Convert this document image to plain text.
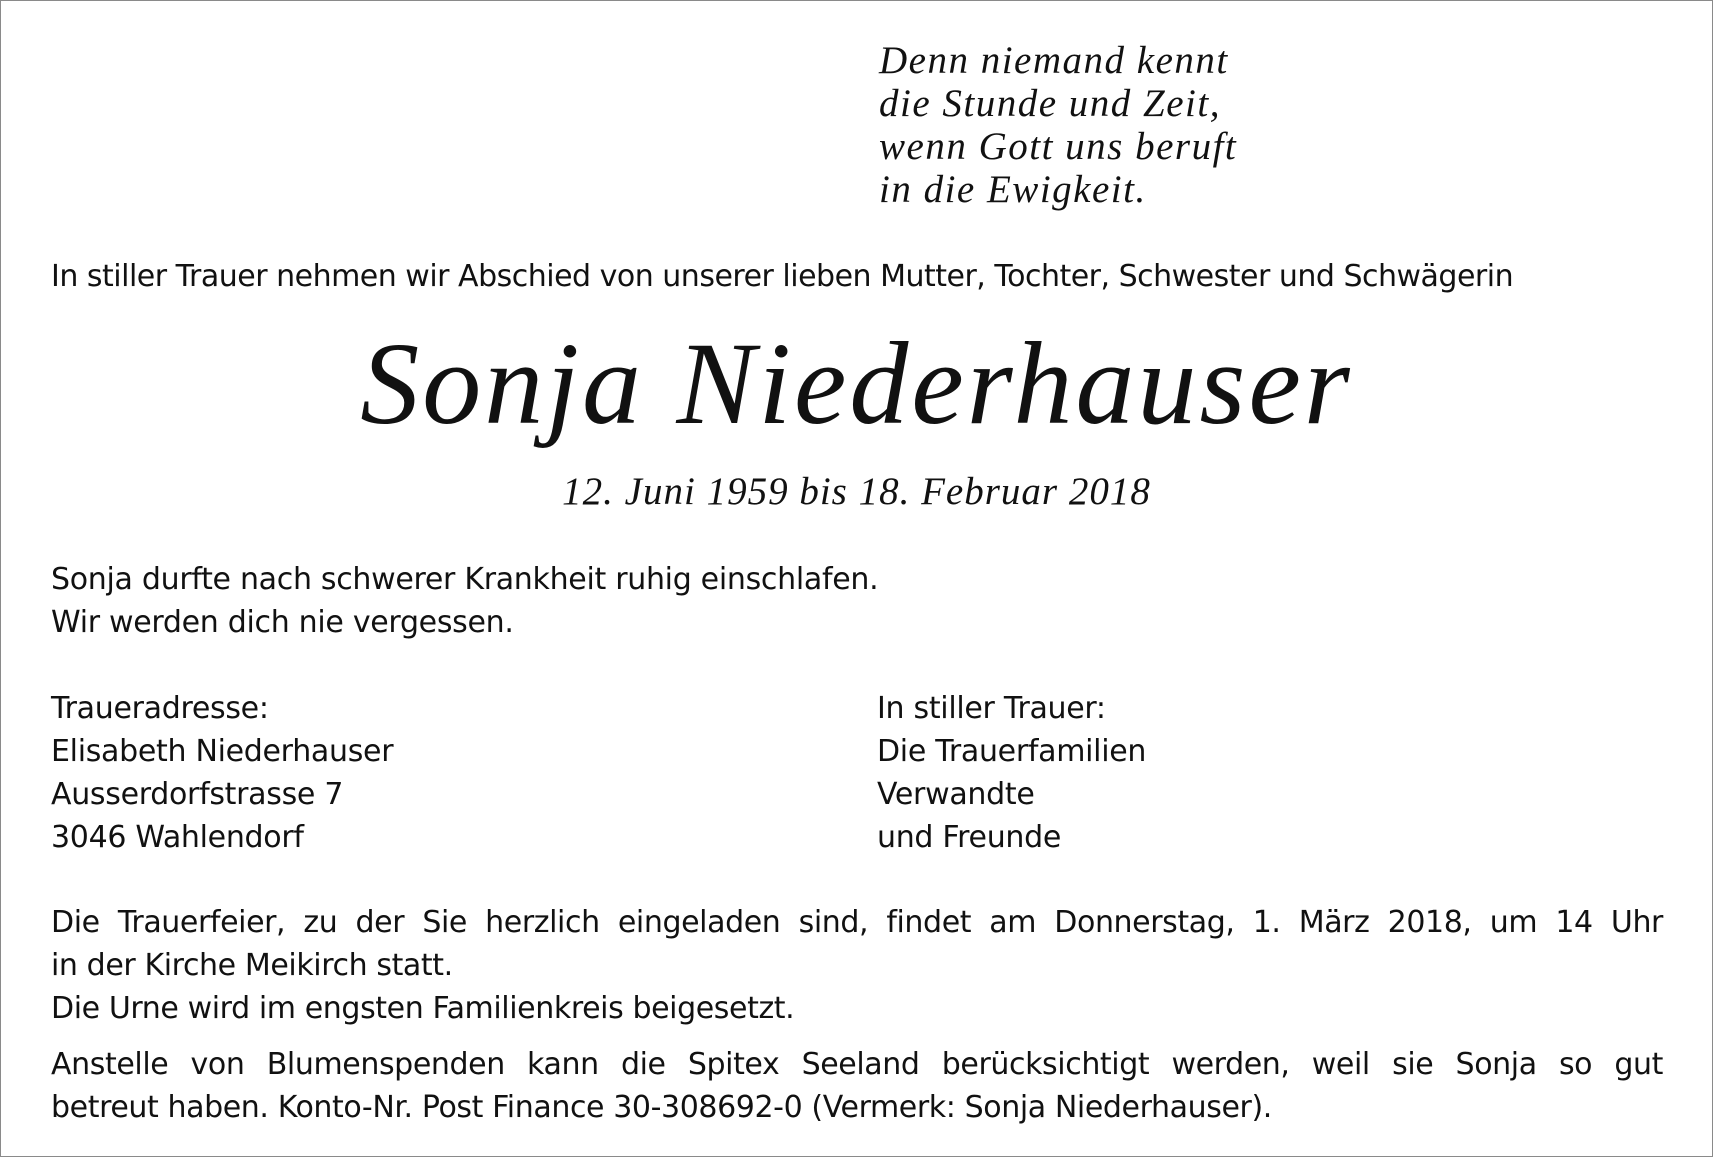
Denn niemand kennt
die Stunde und Zeit,
wenn Gott uns beruft
in die Ewigkeit.
In stiller Trauer nehmen wir Abschied von unserer lieben Mutter, Tochter, Schwester und Schwägerin
Sonja Niederhauser
12. Juni 1959 bis 18. Februar 2018
Sonja durfte nach schwerer Krankheit ruhig einschlafen.
Wir werden dich nie vergessen.
Traueradresse:
Elisabeth Niederhauser
Ausserdorfstrasse 7
3046 Wahlendorf
In stiller Trauer:
Die Trauerfamilien
Verwandte
und Freunde
Die Trauerfeier, zu der Sie herzlich eingeladen sind, findet am Donnerstag, 1. März 2018, um 14 Uhr
in der Kirche Meikirch statt.
Die Urne wird im engsten Familienkreis beigesetzt.
Anstelle von Blumenspenden kann die Spitex Seeland berücksichtigt werden, weil sie Sonja so gut
betreut haben. Konto-Nr. Post Finance 30-308692-0 (Vermerk: Sonja Niederhauser).
